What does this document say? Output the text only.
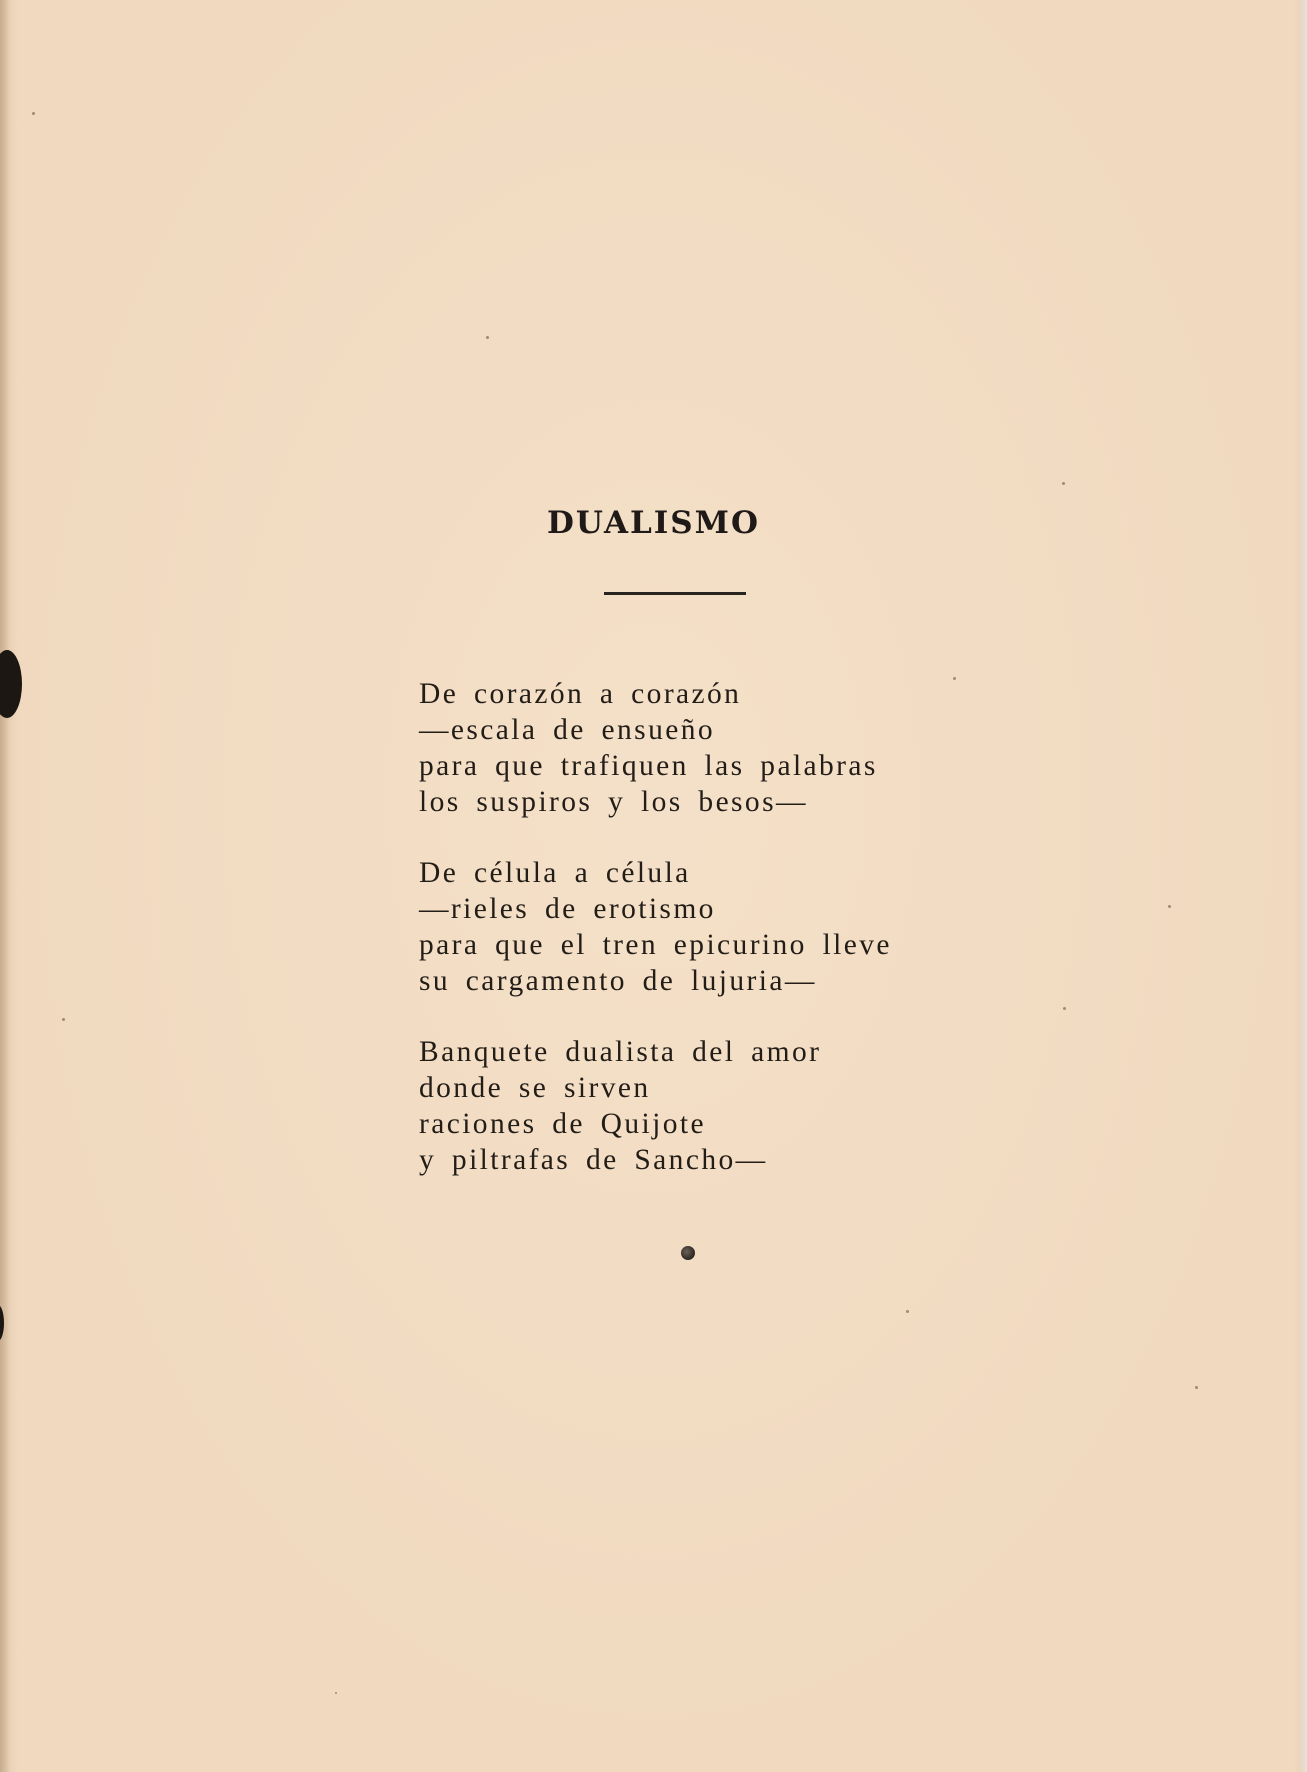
DUALISMO
De corazón a corazón
—escala de ensueño
para que trafiquen las palabras
los suspiros y los besos—
De célula a célula
—rieles de erotismo
para que el tren epicurino lleve
su cargamento de lujuria—
Banquete dualista del amor
donde se sirven
raciones de Quijote
y piltrafas de Sancho—
